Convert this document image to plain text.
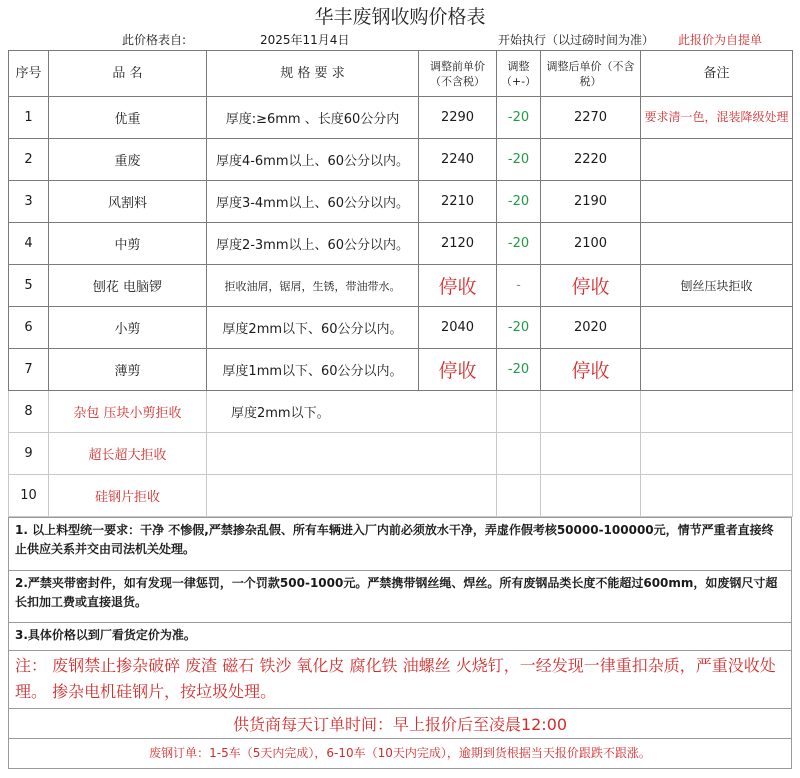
华丰废钢收购价格表
此价格表自:	2025年11月4日	开始执行（以过磅时间为准） 此报价为自提单
序号	品 名	规 格 要 求	调整前单价（不含税）	调整（+-）	调整后单价（不含税）	备注
1	优重	厚度:≥6mm 、长度60公分内	2290	-20	2270	要求清一色，混装降级处理
2	重废	厚度4-6mm以上、60公分以内。	2240	-20	2220	
3	风割料	厚度3-4mm以上、60公分以内。	2210	-20	2190	
4	中剪	厚度2-3mm以上、60公分以内。	2120	-20	2100	
5	刨花 电脑锣	拒收油屑，锯屑，生锈，带油带水。	停收	-	停收	刨丝压块拒收
6	小剪	厚度2mm以下、60公分以内。	2040	-20	2020	
7	薄剪	厚度1mm以下、60公分以内。	停收	-20	停收	
8	杂包 压块小剪拒收	厚度2mm以下。				
9	超长超大拒收					
10	硅钢片拒收					
1. 以上料型统一要求：干净 不惨假,严禁掺杂乱假、所有车辆进入厂内前必须放水干净，弄虚作假考核50000-100000元，情节严重者直接终止供应关系并交由司法机关处理。
2.严禁夹带密封件，如有发现一律惩罚，一个罚款500-1000元。严禁携带钢丝绳、焊丝。所有废钢品类长度不能超过600mm，如废钢尺寸超长扣加工费或直接退货。
3.具体价格以到厂看货定价为准。
注： 废钢禁止掺杂破碎 废渣 磁石 铁沙 氧化皮 腐化铁 油螺丝 火烧钉，一经发现一律重扣杂质，严重没收处理。 掺杂电机硅钢片，按垃圾处理。
供货商每天订单时间：早上报价后至凌晨12:00
废钢订单：1-5车（5天内完成），6-10车（10天内完成），逾期到货根据当天报价跟跌不跟涨。
